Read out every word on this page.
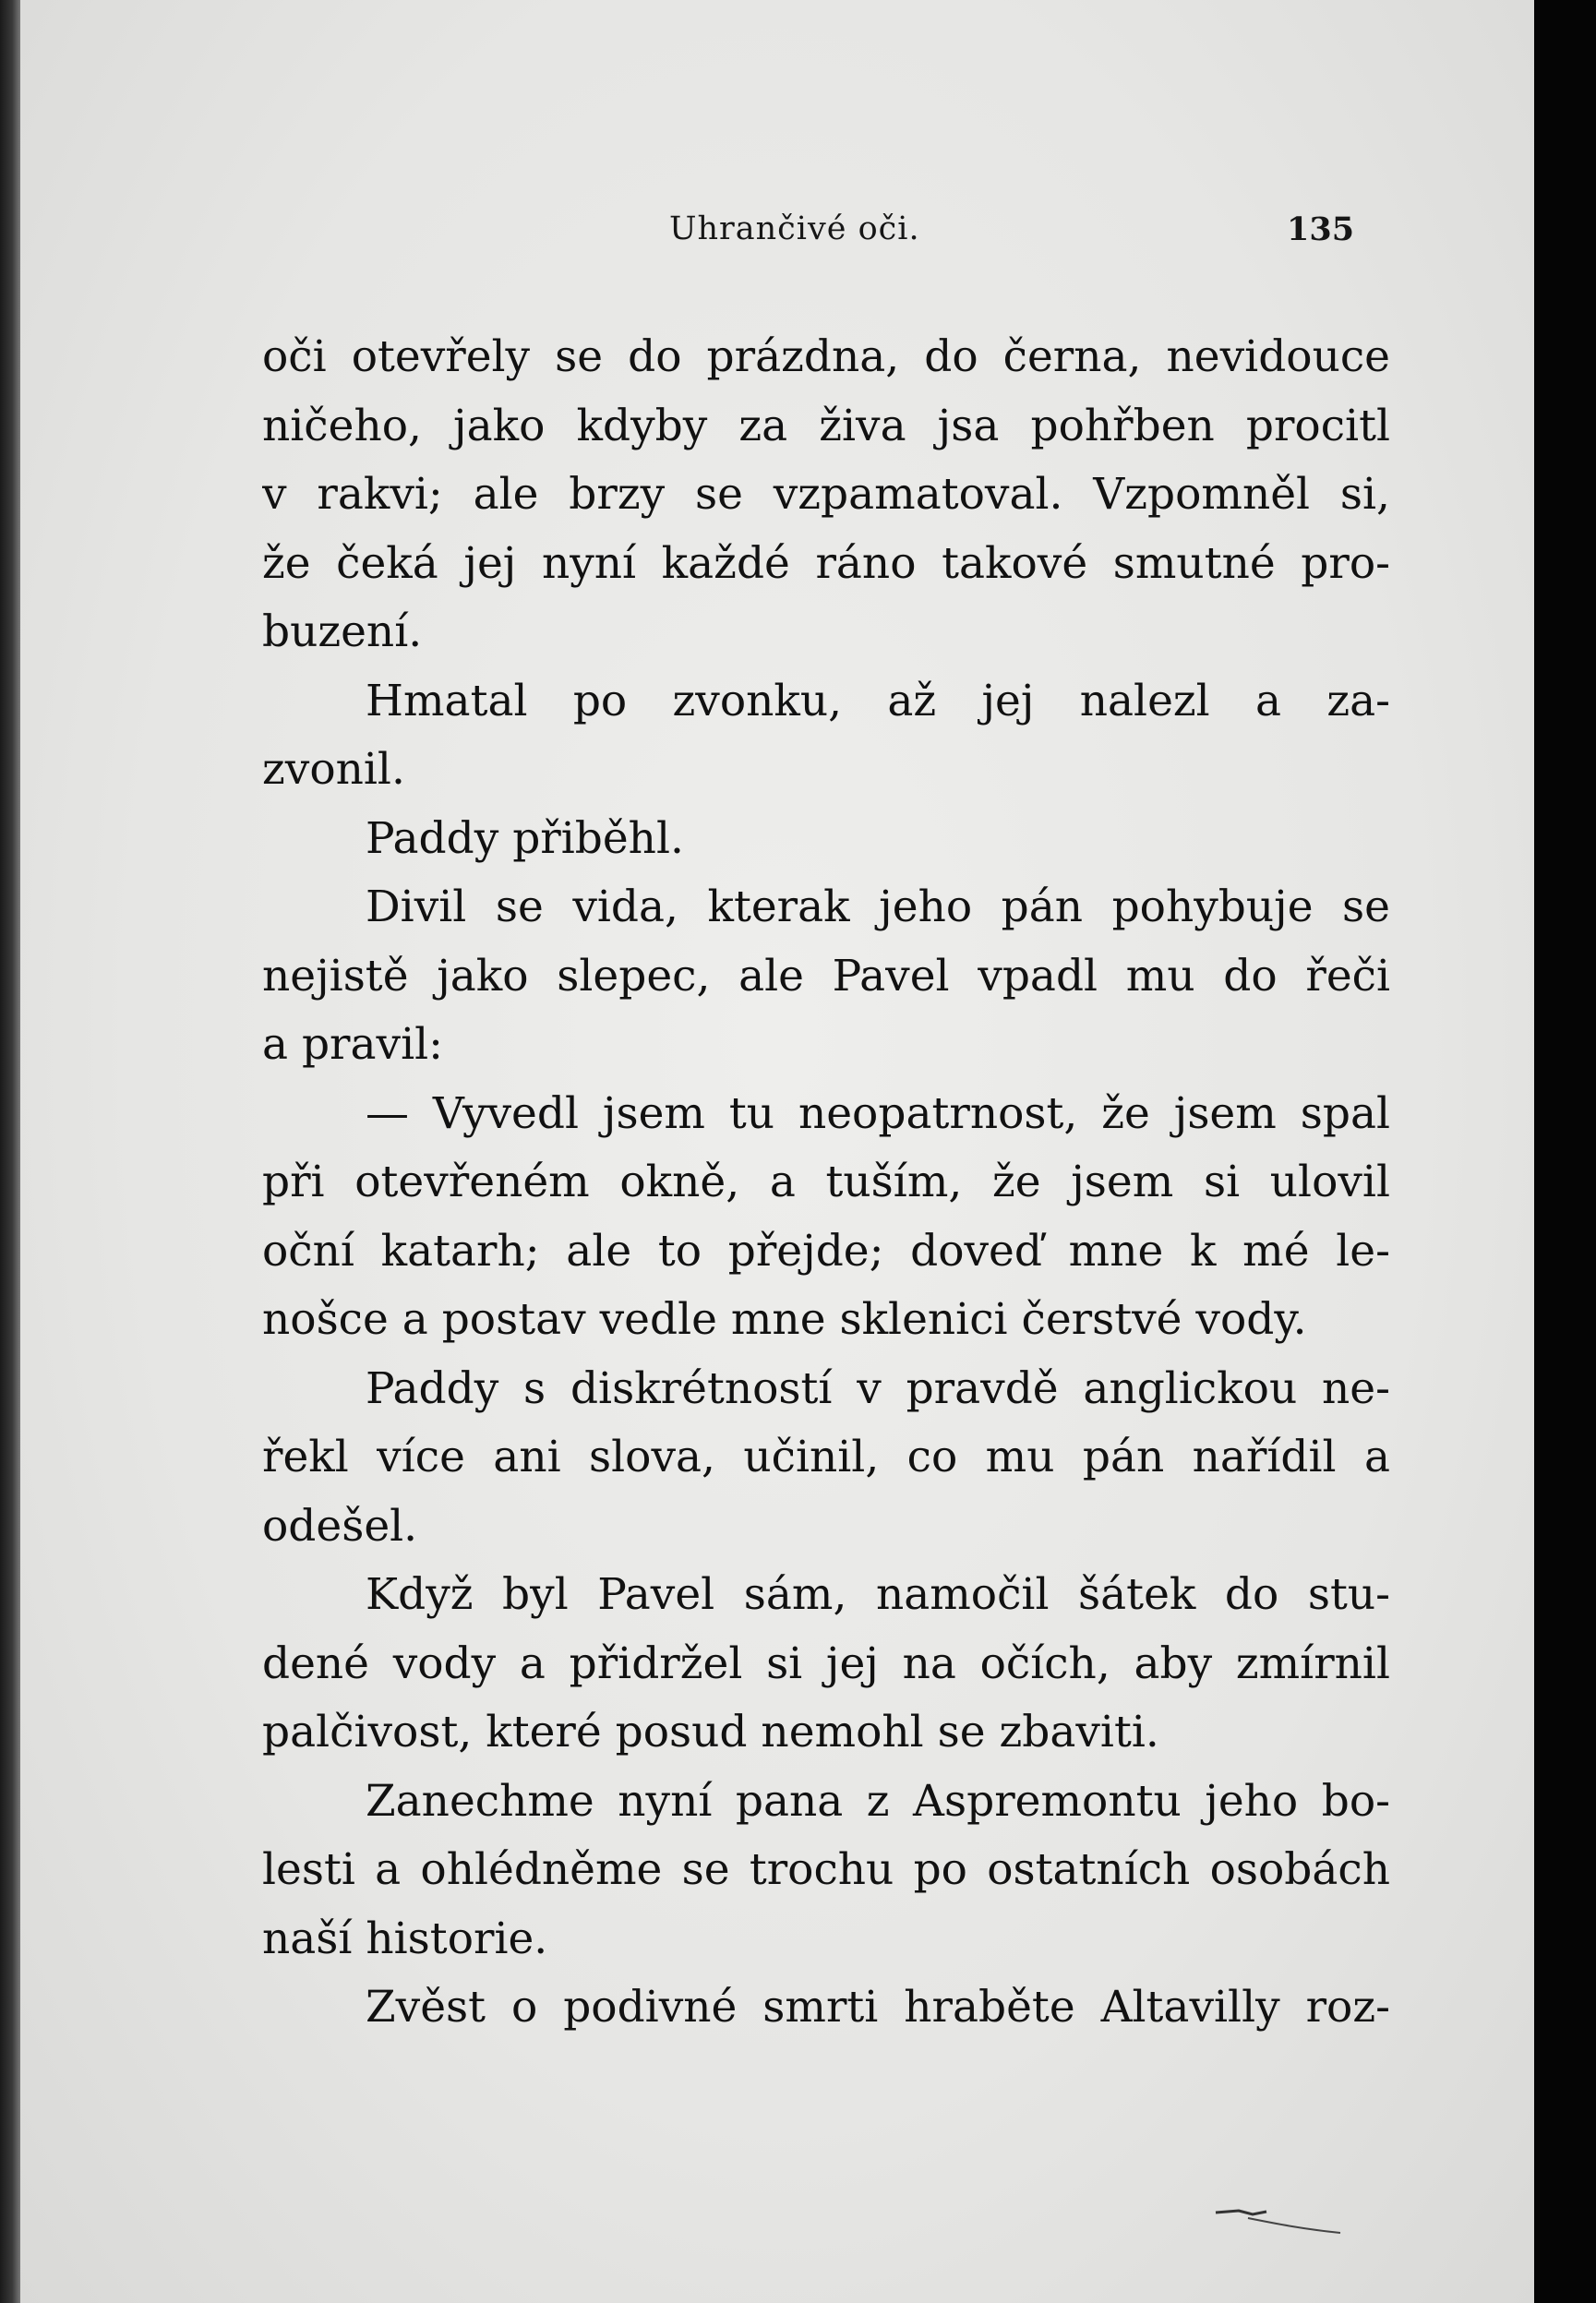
Uhrančivé oči.	135
oči otevřely se do prázdna, do černa, nevidouce
ničeho, jako kdyby za živa jsa pohřben procitl
v rakvi; ale brzy se vzpamatoval. Vzpomněl si,
že čeká jej nyní každé ráno takové smutné pro-
buzení.
Hmatal po zvonku, až jej nalezl a za-
zvonil.
Paddy přiběhl.
Divil se vida, kterak jeho pán pohybuje se
nejistě jako slepec, ale Pavel vpadl mu do řeči
a pravil:
— Vyvedl jsem tu neopatrnost, že jsem spal
při otevřeném okně, a tuším, že jsem si ulovil
oční katarh; ale to přejde; doveď mne k mé le-
nošce a postav vedle mne sklenici čerstvé vody.
Paddy s diskrétností v pravdě anglickou ne-
řekl více ani slova, učinil, co mu pán nařídil a
odešel.
Když byl Pavel sám, namočil šátek do stu-
dené vody a přidržel si jej na očích, aby zmírnil
palčivost, které posud nemohl se zbaviti.
Zanechme nyní pana z Aspremontu jeho bo-
lesti a ohlédněme se trochu po ostatních osobách
naší historie.
Zvěst o podivné smrti hraběte Altavilly roz-
